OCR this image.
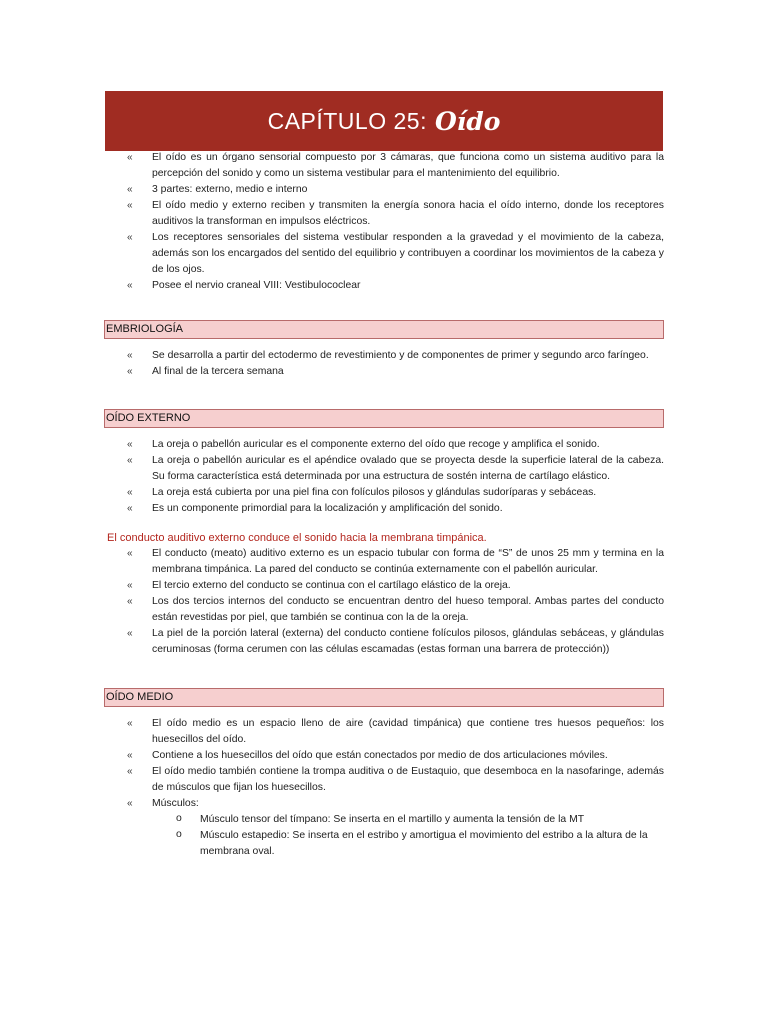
CAPÍTULO 25: Oído
« El oído es un órgano sensorial compuesto por 3 cámaras, que funciona como un sistema auditivo para la percepción del sonido y como un sistema vestibular para el mantenimiento del equilibrio.
« 3 partes: externo, medio e interno
« El oído medio y externo reciben y transmiten la energía sonora hacia el oído interno, donde los receptores auditivos la transforman en impulsos eléctricos.
« Los receptores sensoriales del sistema vestibular responden a la gravedad y el movimiento de la cabeza, además son los encargados del sentido del equilibrio y contribuyen a coordinar los movimientos de la cabeza y de los ojos.
« Posee el nervio craneal VIII: Vestibulococlear
EMBRIOLOGÍA
« Se desarrolla a partir del ectodermo de revestimiento y de componentes de primer y segundo arco faríngeo.
« Al final de la tercera semana
OÍDO EXTERNO
« La oreja o pabellón auricular es el componente externo del oído que recoge y amplifica el sonido.
« La oreja o pabellón auricular es el apéndice ovalado que se proyecta desde la superficie lateral de la cabeza. Su forma característica está determinada por una estructura de sostén interna de cartílago elástico.
« La oreja está cubierta por una piel fina con folículos pilosos y glándulas sudoríparas y sebáceas.
« Es un componente primordial para la localización y amplificación del sonido.
El conducto auditivo externo conduce el sonido hacia la membrana timpánica.
« El conducto (meato) auditivo externo es un espacio tubular con forma de “S” de unos 25 mm y termina en la membrana timpánica. La pared del conducto se continúa externamente con el pabellón auricular.
« El tercio externo del conducto se continua con el cartílago elástico de la oreja.
« Los dos tercios internos del conducto se encuentran dentro del hueso temporal. Ambas partes del conducto están revestidas por piel, que también se continua con la de la oreja.
« La piel de la porción lateral (externa) del conducto contiene folículos pilosos, glándulas sebáceas, y glándulas ceruminosas (forma cerumen con las células escamadas (estas forman una barrera de protección))
OÍDO MEDIO
« El oído medio es un espacio lleno de aire (cavidad timpánica) que contiene tres huesos pequeños: los huesecillos del oído.
« Contiene a los huesecillos del oído que están conectados por medio de dos articulaciones móviles.
« El oído medio también contiene la trompa auditiva o de Eustaquio, que desemboca en la nasofaringe, además de músculos que fijan los huesecillos.
« Músculos:
o Músculo tensor del tímpano: Se inserta en el martillo y aumenta la tensión de la MT
o Músculo estapedio: Se inserta en el estribo y amortigua el movimiento del estribo a la altura de la membrana oval.
